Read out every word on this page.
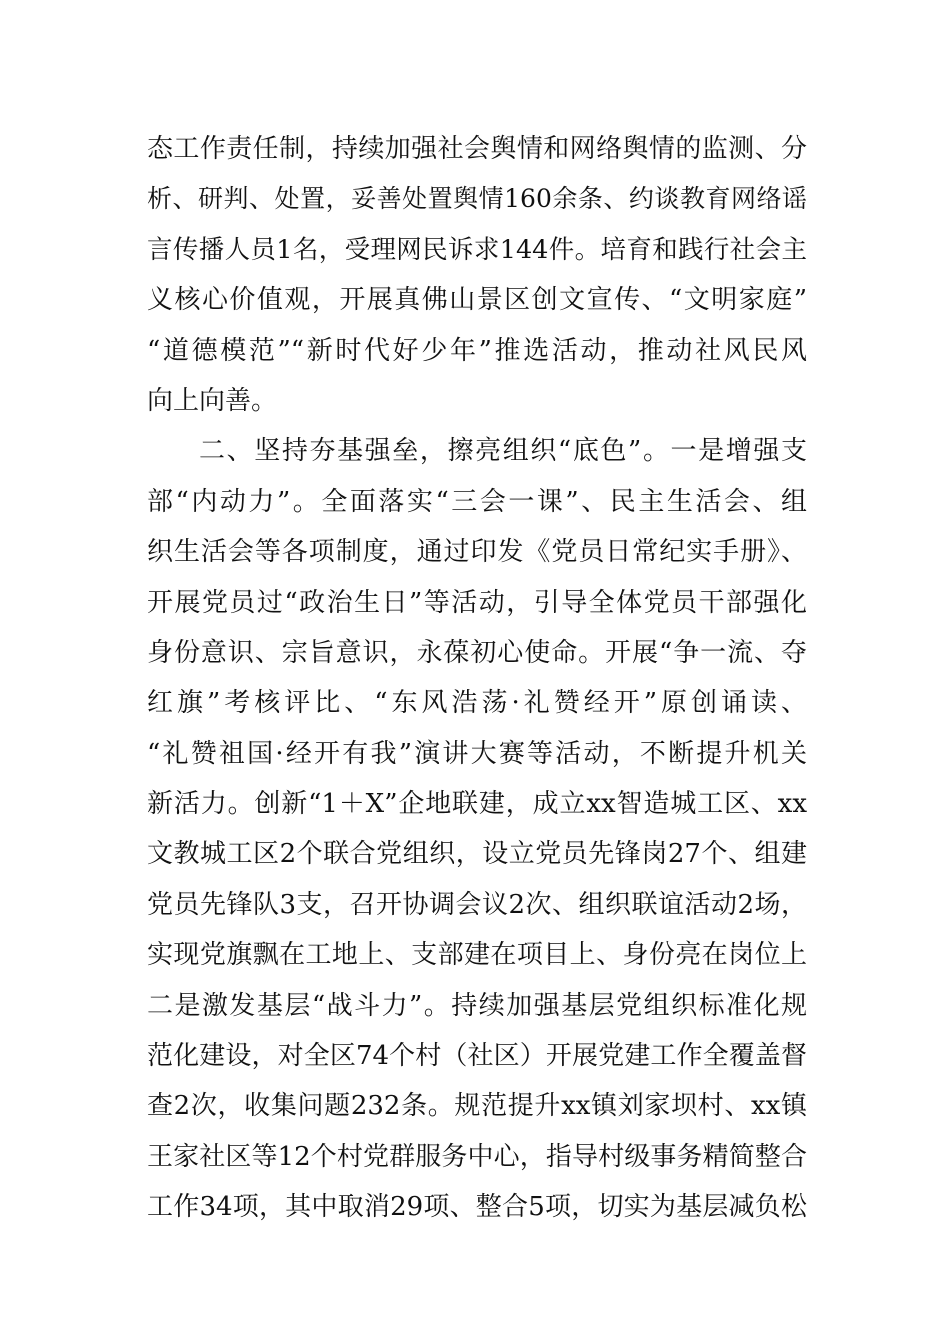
态工作责任制，持续加强社会舆情和网络舆情的监测、分
析、研判、处置，妥善处置舆情160余条、约谈教育网络谣
言传播人员1名，受理网民诉求144件。培育和践行社会主
义核心价值观，开展真佛山景区创文宣传、“文明家庭”
“道德模范”“新时代好少年”推选活动，推动社风民风
向上向善。
二、坚持夯基强垒，擦亮组织“底色”。一是增强支
部“内动力”。全面落实“三会一课”、民主生活会、组
织生活会等各项制度，通过印发《党员日常纪实手册》、
开展党员过“政治生日”等活动，引导全体党员干部强化
身份意识、宗旨意识，永葆初心使命。开展“争一流、夺
红旗”考核评比、“东风浩荡·礼赞经开”原创诵读、
“礼赞祖国·经开有我”演讲大赛等活动，不断提升机关
新活力。创新“1＋X”企地联建，成立xx智造城工区、xx
文教城工区2个联合党组织，设立党员先锋岗27个、组建
党员先锋队3支，召开协调会议2次、组织联谊活动2场，
实现党旗飘在工地上、支部建在项目上、身份亮在岗位上
二是激发基层“战斗力”。持续加强基层党组织标准化规
范化建设，对全区74个村（社区）开展党建工作全覆盖督
查2次，收集问题232条。规范提升xx镇刘家坝村、xx镇
王家社区等12个村党群服务中心，指导村级事务精简整合
工作34项，其中取消29项、整合5项，切实为基层减负松
